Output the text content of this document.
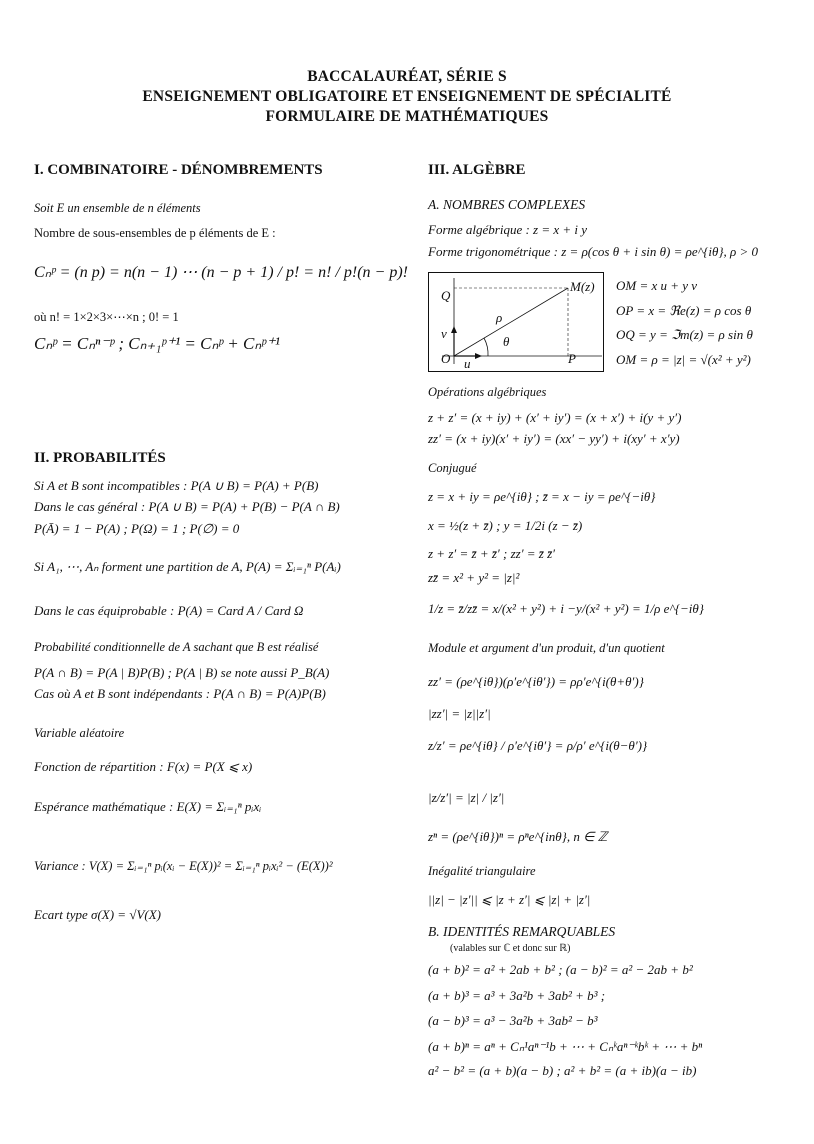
BACCALAURÉAT, SÉRIE S
ENSEIGNEMENT OBLIGATOIRE ET ENSEIGNEMENT DE SPÉCIALITÉ
FORMULAIRE DE MATHÉMATIQUES
I. COMBINATOIRE - DÉNOMBREMENTS
Soit E un ensemble de n éléments
Nombre de sous-ensembles de p éléments de E :
Cₙᵖ = (n p) = n(n − 1) ⋯ (n − p + 1) / p! = n! / p!(n − p)!
où n! = 1×2×3×⋯×n ; 0! = 1
Cₙᵖ = Cₙⁿ⁻ᵖ ; Cₙ₊₁ᵖ⁺¹ = Cₙᵖ + Cₙᵖ⁺¹
II. PROBABILITÉS
Si A et B sont incompatibles : P(A ∪ B) = P(A) + P(B)
Dans le cas général : P(A ∪ B) = P(A) + P(B) − P(A ∩ B)
P(Ā) = 1 − P(A) ; P(Ω) = 1 ; P(∅) = 0
Si A₁, ⋯, Aₙ forment une partition de A, P(A) = Σᵢ₌₁ⁿ P(Aᵢ)
Dans le cas équiprobable : P(A) = Card A / Card Ω
Probabilité conditionnelle de A sachant que B est réalisé
P(A ∩ B) = P(A | B)P(B) ; P(A | B) se note aussi P_B(A)
Cas où A et B sont indépendants : P(A ∩ B) = P(A)P(B)
Variable aléatoire
Fonction de répartition : F(x) = P(X ⩽ x)
Espérance mathématique : E(X) = Σᵢ₌₁ⁿ pᵢxᵢ
Variance : V(X) = Σᵢ₌₁ⁿ pᵢ(xᵢ − E(X))² = Σᵢ₌₁ⁿ pᵢxᵢ² − (E(X))²
Ecart type σ(X) = √V(X)
III. ALGÈBRE
A. NOMBRES COMPLEXES
Forme algébrique : z = x + i y
Forme trigonométrique : z = ρ(cos θ + i sin θ) = ρe^{iθ}, ρ > 0
Q
M(z)
ρ
v
θ
O u	P
OM = x u + y v
OP = x = ℜe(z) = ρ cos θ
OQ = y = ℑm(z) = ρ sin θ
OM = ρ = |z| = √(x² + y²)
Opérations algébriques
z + z′ = (x + iy) + (x′ + iy′) = (x + x′) + i(y + y′)
zz′ = (x + iy)(x′ + iy′) = (xx′ − yy′) + i(xy′ + x′y)
Conjugué
z = x + iy = ρe^{iθ} ; z̄ = x − iy = ρe^{−iθ}
x = ½(z + z̄) ; y = 1/2i (z − z̄)
z + z′ = z̄ + z̄′ ; zz′ = z̄ z̄′
zz̄ = x² + y² = |z|²
1/z = z̄/zz̄ = x/(x² + y²) + i −y/(x² + y²) = 1/ρ e^{−iθ}
Module et argument d'un produit, d'un quotient
zz′ = (ρe^{iθ})(ρ′e^{iθ′}) = ρρ′e^{i(θ+θ′)}
|zz′| = |z||z′|
z/z′ = ρe^{iθ} / ρ′e^{iθ′} = ρ/ρ′ e^{i(θ−θ′)}
|z/z′| = |z| / |z′|
zⁿ = (ρe^{iθ})ⁿ = ρⁿe^{inθ}, n ∈ ℤ
Inégalité triangulaire
||z| − |z′|| ⩽ |z + z′| ⩽ |z| + |z′|
B. IDENTITÉS REMARQUABLES
(valables sur ℂ et donc sur ℝ)
(a + b)² = a² + 2ab + b² ; (a − b)² = a² − 2ab + b²
(a + b)³ = a³ + 3a²b + 3ab² + b³ ;
(a − b)³ = a³ − 3a²b + 3ab² − b³
(a + b)ⁿ = aⁿ + Cₙ¹aⁿ⁻¹b + ⋯ + Cₙᵏaⁿ⁻ᵏbᵏ + ⋯ + bⁿ
a² − b² = (a + b)(a − b) ; a² + b² = (a + ib)(a − ib)
